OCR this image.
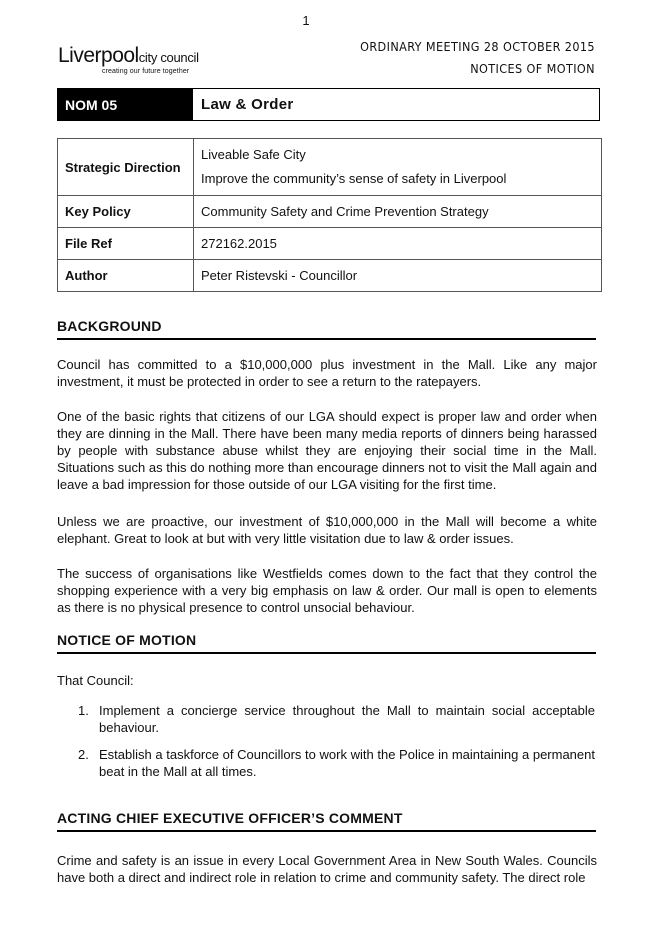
1
Liverpoolcity council
creating our future together
ORDINARY MEETING 28 OCTOBER 2015
NOTICES OF MOTION
NOM 05	Law & Order
Strategic Direction	Liveable Safe City
Improve the community’s sense of safety in Liverpool

Key Policy	Community Safety and Crime Prevention Strategy
File Ref	272162.2015
Author	Peter Ristevski - Councillor
BACKGROUND

Council has committed to a $10,000,000 plus investment in the Mall. Like any major investment, it must be protected in order to see a return to the ratepayers.

One of the basic rights that citizens of our LGA should expect is proper law and order when they are dinning in the Mall. There have been many media reports of dinners being harassed by people with substance abuse whilst they are enjoying their social time in the Mall. Situations such as this do nothing more than encourage dinners not to visit the Mall again and leave a bad impression for those outside of our LGA visiting for the first time.

Unless we are proactive, our investment of $10,000,000 in the Mall will become a white elephant. Great to look at but with very little visitation due to law & order issues.

The success of organisations like Westfields comes down to the fact that they control the shopping experience with a very big emphasis on law & order. Our mall is open to elements as there is no physical presence to control unsocial behaviour.

NOTICE OF MOTION
That Council:
1. Implement a concierge service throughout the Mall to maintain social acceptable behaviour.
2. Establish a taskforce of Councillors to work with the Police in maintaining a permanent beat in the Mall at all times.
ACTING CHIEF EXECUTIVE OFFICER’S COMMENT

Crime and safety is an issue in every Local Government Area in New South Wales. Councils have both a direct and indirect role in relation to crime and community safety. The direct role
